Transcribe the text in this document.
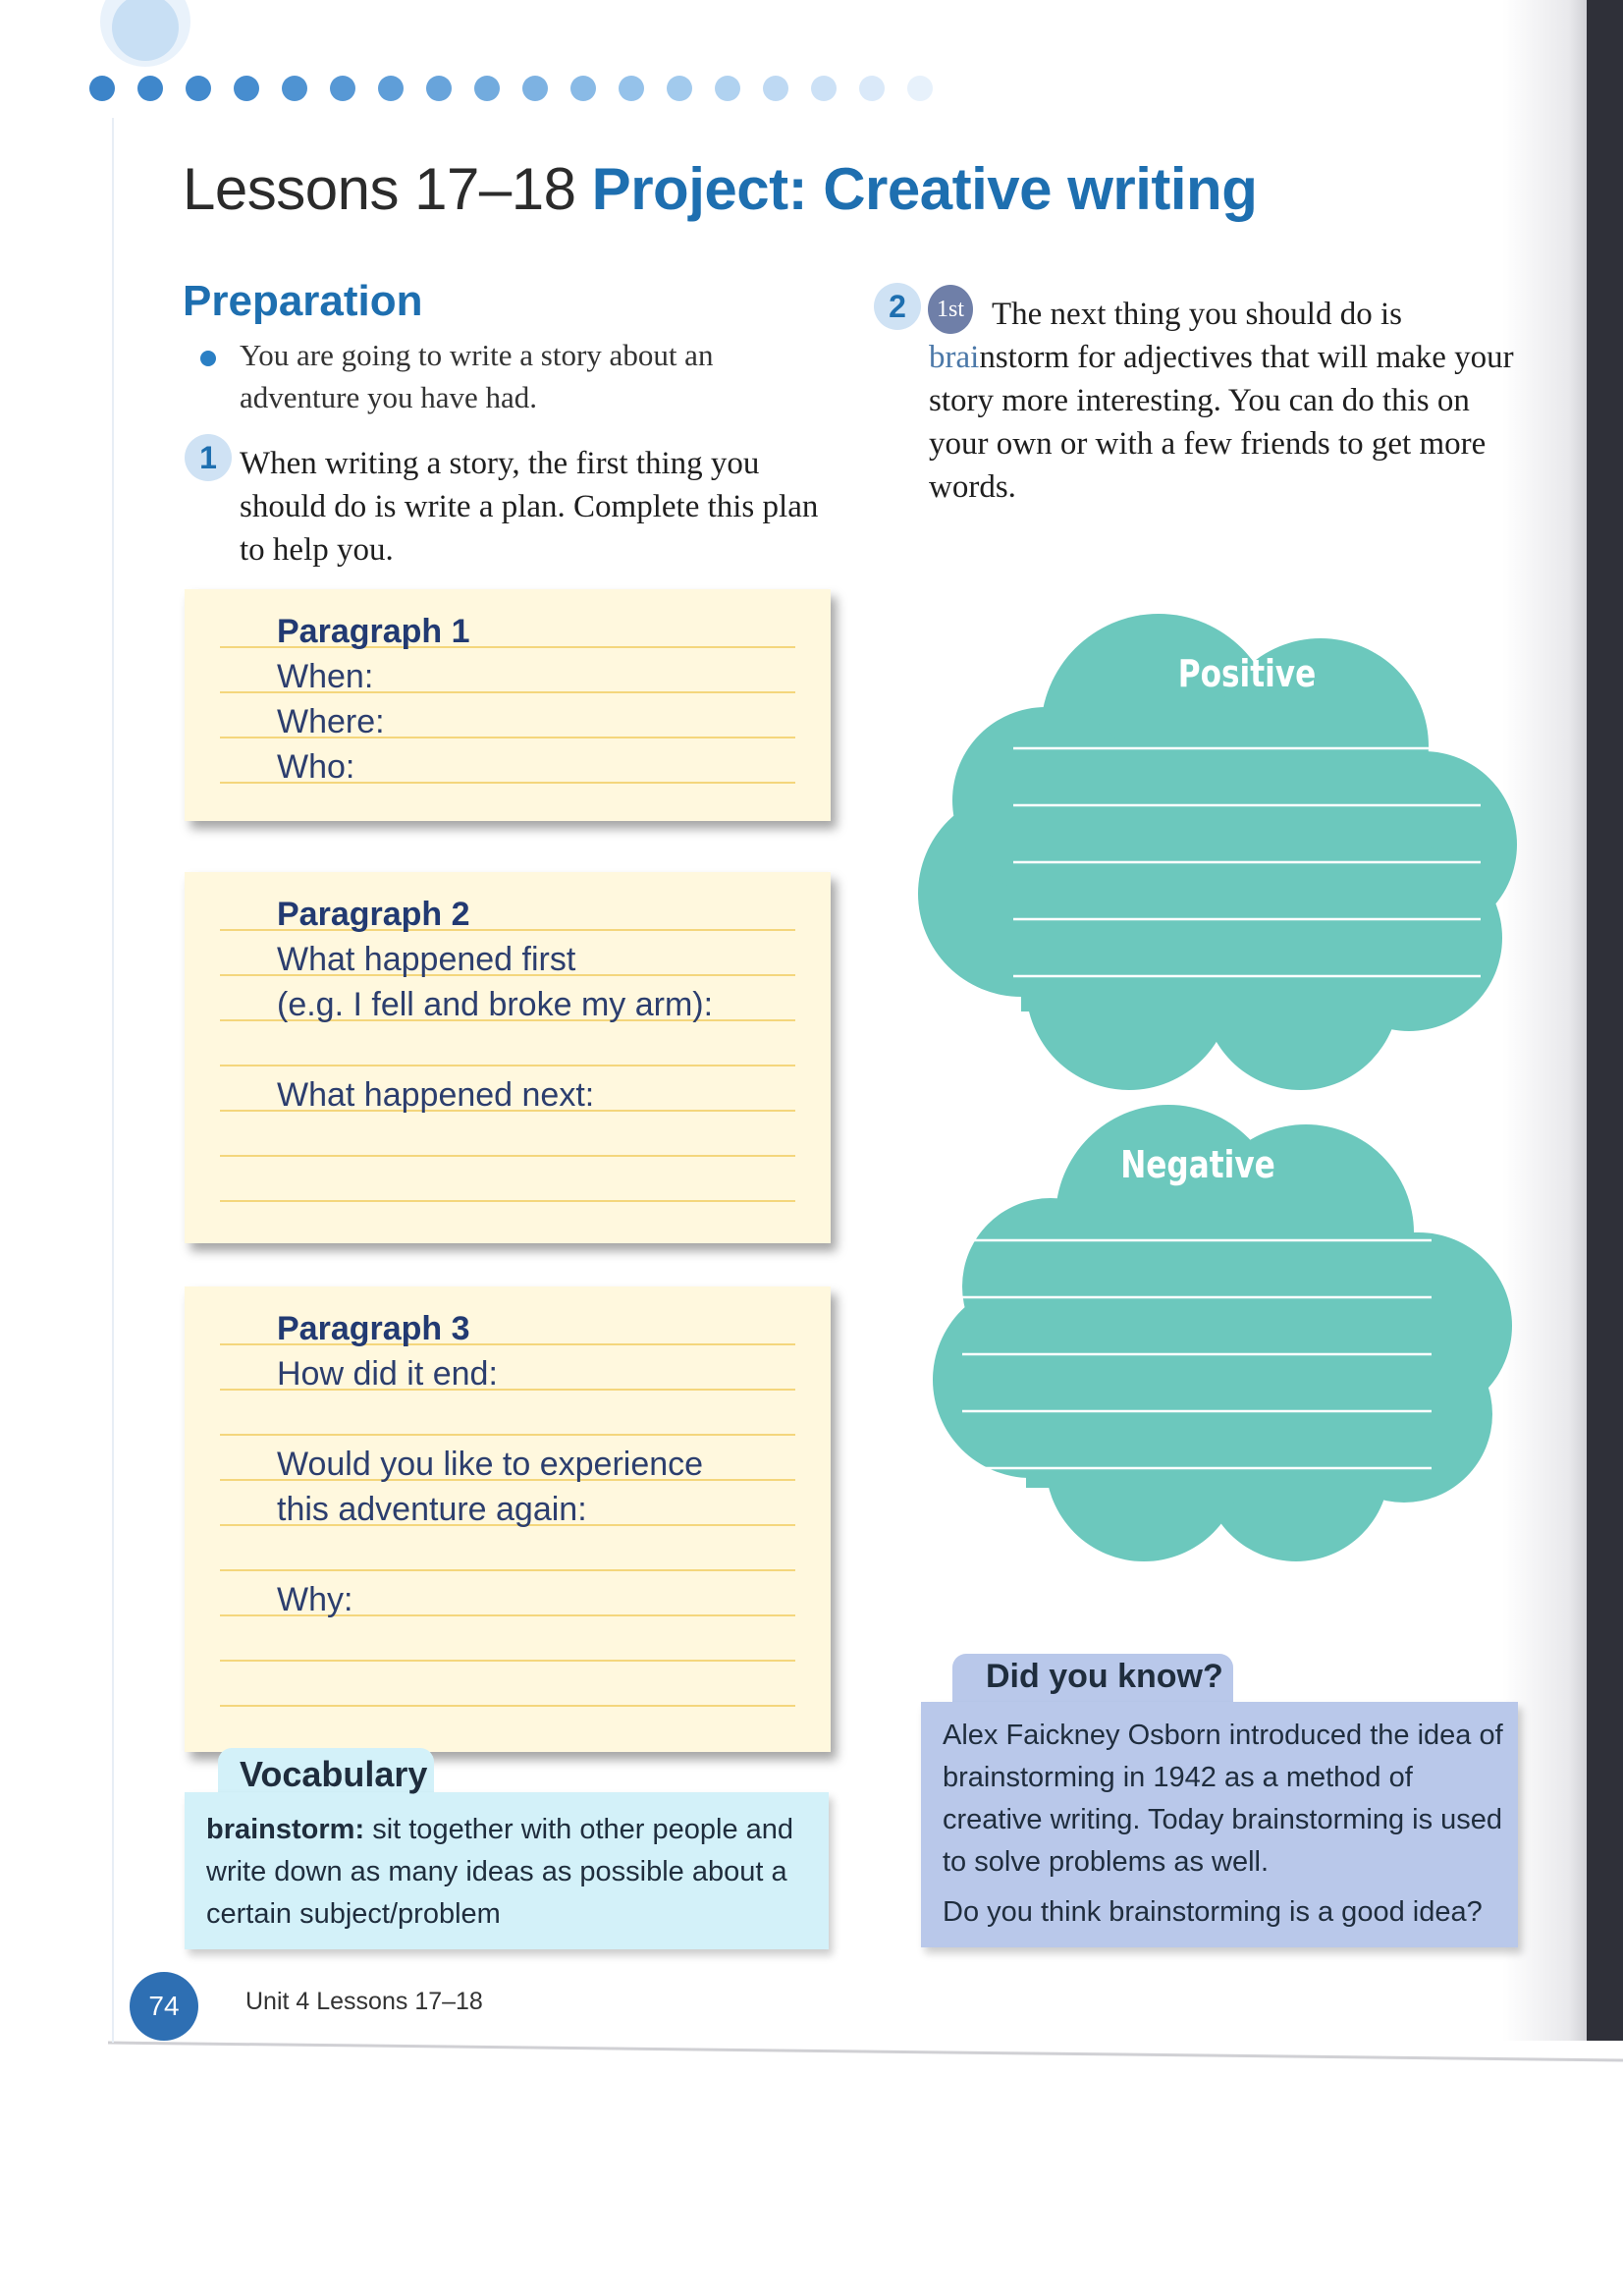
Lessons 17–18 Project: Creative writing
Preparation
You are going to write a story about an adventure you have had.
1 When writing a story, the first thing you should do is write a plan. Complete this plan to help you.
2	1st The next thing you should do is brainstorm for adjectives that will make your story more interesting. You can do this on your own or with a few friends to get more words.
Paragraph 1
When:
Where:
Who:
Paragraph 2
What happened first
(e.g. I fell and broke my arm):
What happened next:
Paragraph 3
How did it end:
Would you like to experience
this adventure again:
Why:
Positive
Negative
Vocabulary
brainstorm: sit together with other people and write down as many ideas as possible about a certain subject/problem
Did you know?

Alex Faickney Osborn introduced the idea of brainstorming in 1942 as a method of creative writing. Today brainstorming is used to solve problems as well.

Do you think brainstorming is a good idea?

74	Unit 4 Lessons 17–18
